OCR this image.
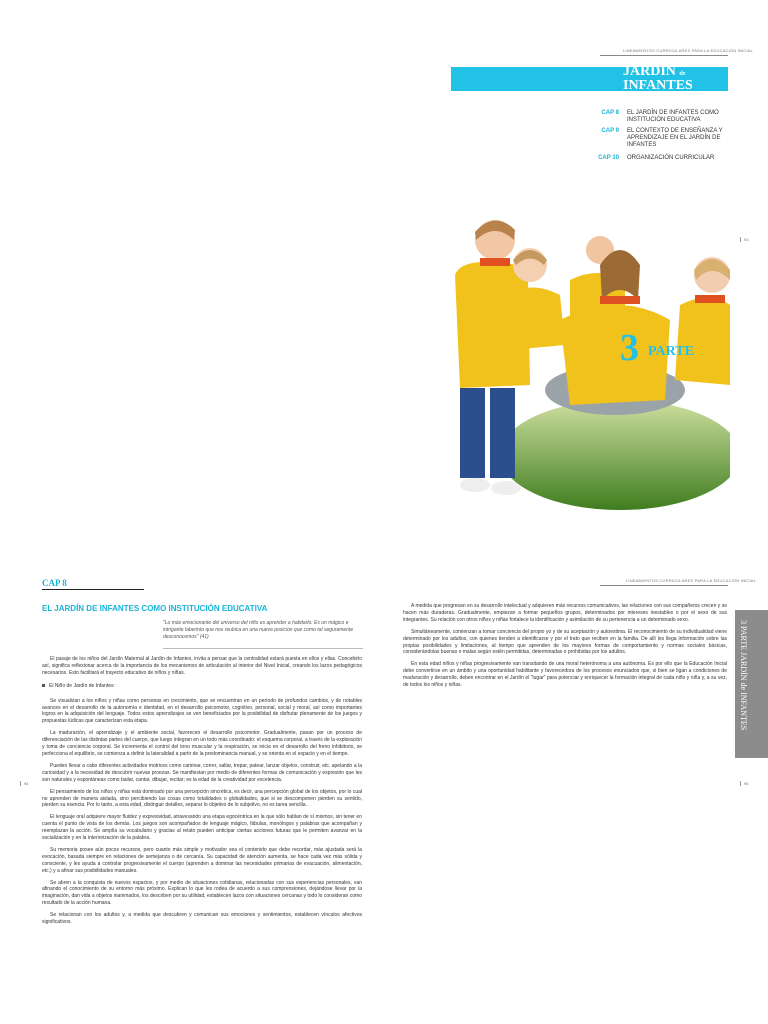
LINEAMIENTOS CURRICULARES PARA LA EDUCACIÓN INICIAL
JARDÍN de
INFANTES
CAP 8	EL JARDÍN DE INFANTES COMO INSTITUCIÓN EDUCATIVA
CAP 9	EL CONTEXTO DE ENSEÑANZA Y APRENDIZAJE EN EL JARDÍN DE INFANTES
CAP 10	ORGANIZACIÓN CURRICULAR
3 PARTE
93
CAP 8	LINEAMIENTOS CURRICULARES PARA LA EDUCACIÓN INICIAL
EL JARDÍN DE INFANTES COMO INSTITUCIÓN EDUCATIVA
"Lo más emocionante del universo del niño es aprender a habitarlo. Es un mágico e intrigante laberinto que nos reubica en una nueva posición que como tal seguramente desconocemos" (41)

El pasaje de los niños del Jardín Maternal al Jardín de Infantes, invita a pensar que la centralidad estará puesta en ellos y ellas. Concebirlo así, significa reflexionar acerca de la importancia de los mecanismos de articulación al interior del Nivel Inicial, creando los lazos pedagógicos necesarios. Esto facilitará el trayecto educativo de niños y niñas.

El Niño de Jardín de Infantes:

Se visualizan a los niños y niñas como personas en crecimiento, que se encuentran en un período de profundos cambios, y de notables avances en el desarrollo de la autonomía e identidad, en el desarrollo psicomotor, cognitivo, personal, social y moral, así como importantes logros en la adquisición del lenguaje. Todos estos aprendizajes se ven beneficiados por la posibilidad de disfrutar plenamente de los juegos y propuestas lúdicas que caracterizan esta etapa.

La maduración, el aprendizaje y el ambiente social, favorecen el desarrollo psicomotor. Gradualmente, pasan por un proceso de diferenciación de las distintas partes del cuerpo, que luego integran en un todo más coordinado: el esquema corporal, a través de la exploración y toma de conciencia corporal. Se incrementa el control del tono muscular y la respiración, se inicia en el desarrollo del freno inhibitorio, se perfecciona el equilibrio, se comienza a definir la lateralidad a partir de la predominancia manual, y se orienta en el espacio y en el tiempo.

Pueden llevar a cabo diferentes actividades motrices como caminar, correr, saltar, trepar, patear, lanzar objetos, construir, etc. apelando a la curiosidad y a la necesidad de descubrir nuevas proezas. Se manifiestan por medio de diferentes formas de comunicación y expresión que les son naturales y espontáneas como bailar, cantar, dibujar, recitar; es la edad de la creatividad por excelencia.

El pensamiento de los niños y niñas está dominado por una percepción sincrética, es decir, una percepción global de los objetos, por lo cual no aprenden de manera aislada, sino percibiendo las cosas como totalidades o globalidades, que si se descomponen pierden su sentido, pierden su esencia. Por lo tanto, a esta edad, distinguir detalles, separar lo objetivo de lo subjetivo, no es tarea sencilla.

El lenguaje oral adquiere mayor fluidez y expresividad, atravesando una etapa egocéntrica en la que sólo hablan de sí mismos, sin tener en cuenta el punto de vista de los demás. Los juegos son acompañados de lenguaje mágico, fábulas, monólogos y palabras que acompañan y reemplazan la acción. Se amplía su vocabulario y gracias al relato pueden anticipar ciertas acciones futuras que le permiten avanzar en la socialización y en la interiorización de la palabra.

Su memoria posee aún pocos recursos, pero cuanto más simple y motivador sea el contenido que debe recordar, más ajustada será la evocación, basada siempre en relaciones de semejanza o de cercanía. Su capacidad de atención aumenta, se hace cada vez más sólida y consciente, y les ayuda a controlar progresivamente el cuerpo (aprenden a dominar las necesidades primarias de evacuación, alimentación, etc.) y a afinar sus posibilidades manuales.

Se abren a la conquista de nuevos espacios, y por medio de situaciones cotidianas, relacionadas con sus experiencias personales, van afinando el conocimiento de su entorno más próximo. Explican lo que les rodea de acuerdo a sus comprensiones, dejándose llevar por la imaginación, dan vida a objetos inanimados, los describen por su utilidad, establecen lazos con situaciones cercanas y todo lo consideran como resultado de la acción humana.

Se relacionan con los adultos y, a medida que descubren y comunican sus emociones y sentimientos, establecen vínculos afectivos significativos.

94

A medida que progresan en su desarrollo intelectual y adquieren más recursos comunicativos, las relaciones con sus compañeros crecen y se hacen más duraderas. Gradualmente, empiezan a formar pequeños grupos, determinados por intereses inestables o por el sexo de sus integrantes. Su relación con otros niños y niñas fortalece la identificación y asimilación de su pertenencia a un determinado sexo.

Simultáneamente, comienzan a tomar conciencia del propio yo y de su aceptación y autoestima. El reconocimiento de su individualidad viene determinado por los adultos, con quienes tienden a identificarse y por el trato que reciben en la familia. De allí les llega información sobre las propias posibilidades y limitaciones, al tiempo que aprenden de los mayores formas de comportamiento y normas sociales básicas, considerándolas buenas o malas según estén permitidas, determinadas o prohibidas por los adultos.

En esta edad niños y niñas progresivamente van transitando de una moral heterónoma a una autónoma. Es por ello que la Educación Inicial debe convertirse en un ámbito y una oportunidad habilitante y favorecedora de los procesos enunciados que, si bien se ligan a condiciones de maduración y desarrollo, deben encontrar en el Jardín el "lugar" para potenciar y enriquecer la formación integral de cada niño y niña y, a su vez, de todos los niños y niñas.	3 PARTE JARDÍN de INFANTES
95
